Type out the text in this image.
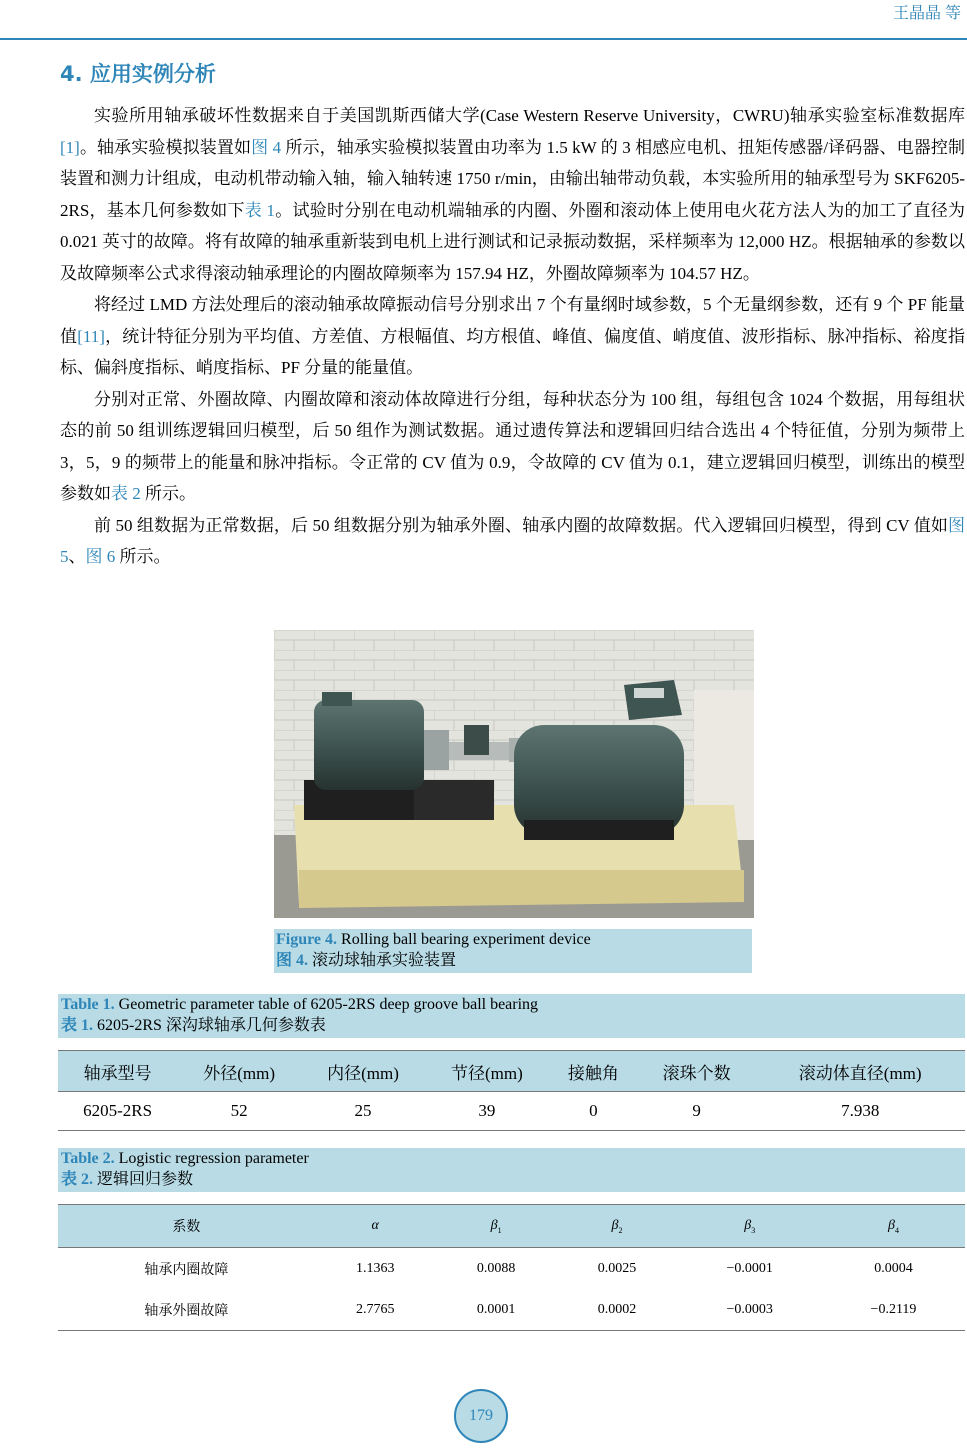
王晶晶 等
4. 应用实例分析

实验所用轴承破坏性数据来自于美国凯斯西储大学(Case Western Reserve University，CWRU)轴承实验室标准数据库[1]。轴承实验模拟装置如图 4 所示，轴承实验模拟装置由功率为 1.5 kW 的 3 相感应电机、扭矩传感器/译码器、电器控制装置和测力计组成，电动机带动输入轴，输入轴转速 1750 r/min，由输出轴带动负载，本实验所用的轴承型号为 SKF6205-2RS，基本几何参数如下表 1。试验时分别在电动机端轴承的内圈、外圈和滚动体上使用电火花方法人为的加工了直径为 0.021 英寸的故障。将有故障的轴承重新装到电机上进行测试和记录振动数据，采样频率为 12,000 HZ。根据轴承的参数以及故障频率公式求得滚动轴承理论的内圈故障频率为 157.94 HZ，外圈故障频率为 104.57 HZ。

将经过 LMD 方法处理后的滚动轴承故障振动信号分别求出 7 个有量纲时域参数，5 个无量纲参数，还有 9 个 PF 能量值[11]，统计特征分别为平均值、方差值、方根幅值、均方根值、峰值、偏度值、峭度值、波形指标、脉冲指标、裕度指标、偏斜度指标、峭度指标、PF 分量的能量值。

分别对正常、外圈故障、内圈故障和滚动体故障进行分组，每种状态分为 100 组，每组包含 1024 个数据，用每组状态的前 50 组训练逻辑回归模型，后 50 组作为测试数据。通过遗传算法和逻辑回归结合选出 4 个特征值，分别为频带上 3，5，9 的频带上的能量和脉冲指标。令正常的 CV 值为 0.9，令故障的 CV 值为 0.1，建立逻辑回归模型，训练出的模型参数如表 2 所示。

前 50 组数据为正常数据，后 50 组数据分别为轴承外圈、轴承内圈的故障数据。代入逻辑回归模型，得到 CV 值如图 5、图 6 所示。

Figure 4. Rolling ball bearing experiment device
图 4. 滚动球轴承实验装置
Table 1. Geometric parameter table of 6205-2RS deep groove ball bearing
表 1. 6205-2RS 深沟球轴承几何参数表
轴承型号	外径(mm)	内径(mm)	节径(mm)	接触角	滚珠个数	滚动体直径(mm)
6205-2RS	52	25	39	0	9	7.938
Table 2. Logistic regression parameter
表 2. 逻辑回归参数
系数	α	$\beta_1$	$\beta_2$	$\beta_3$	$\beta_4$
轴承内圈故障	1.1363	0.0088	0.0025	−0.0001	0.0004
轴承外圈故障	2.7765	0.0001	0.0002	−0.0003	−0.2119
179
